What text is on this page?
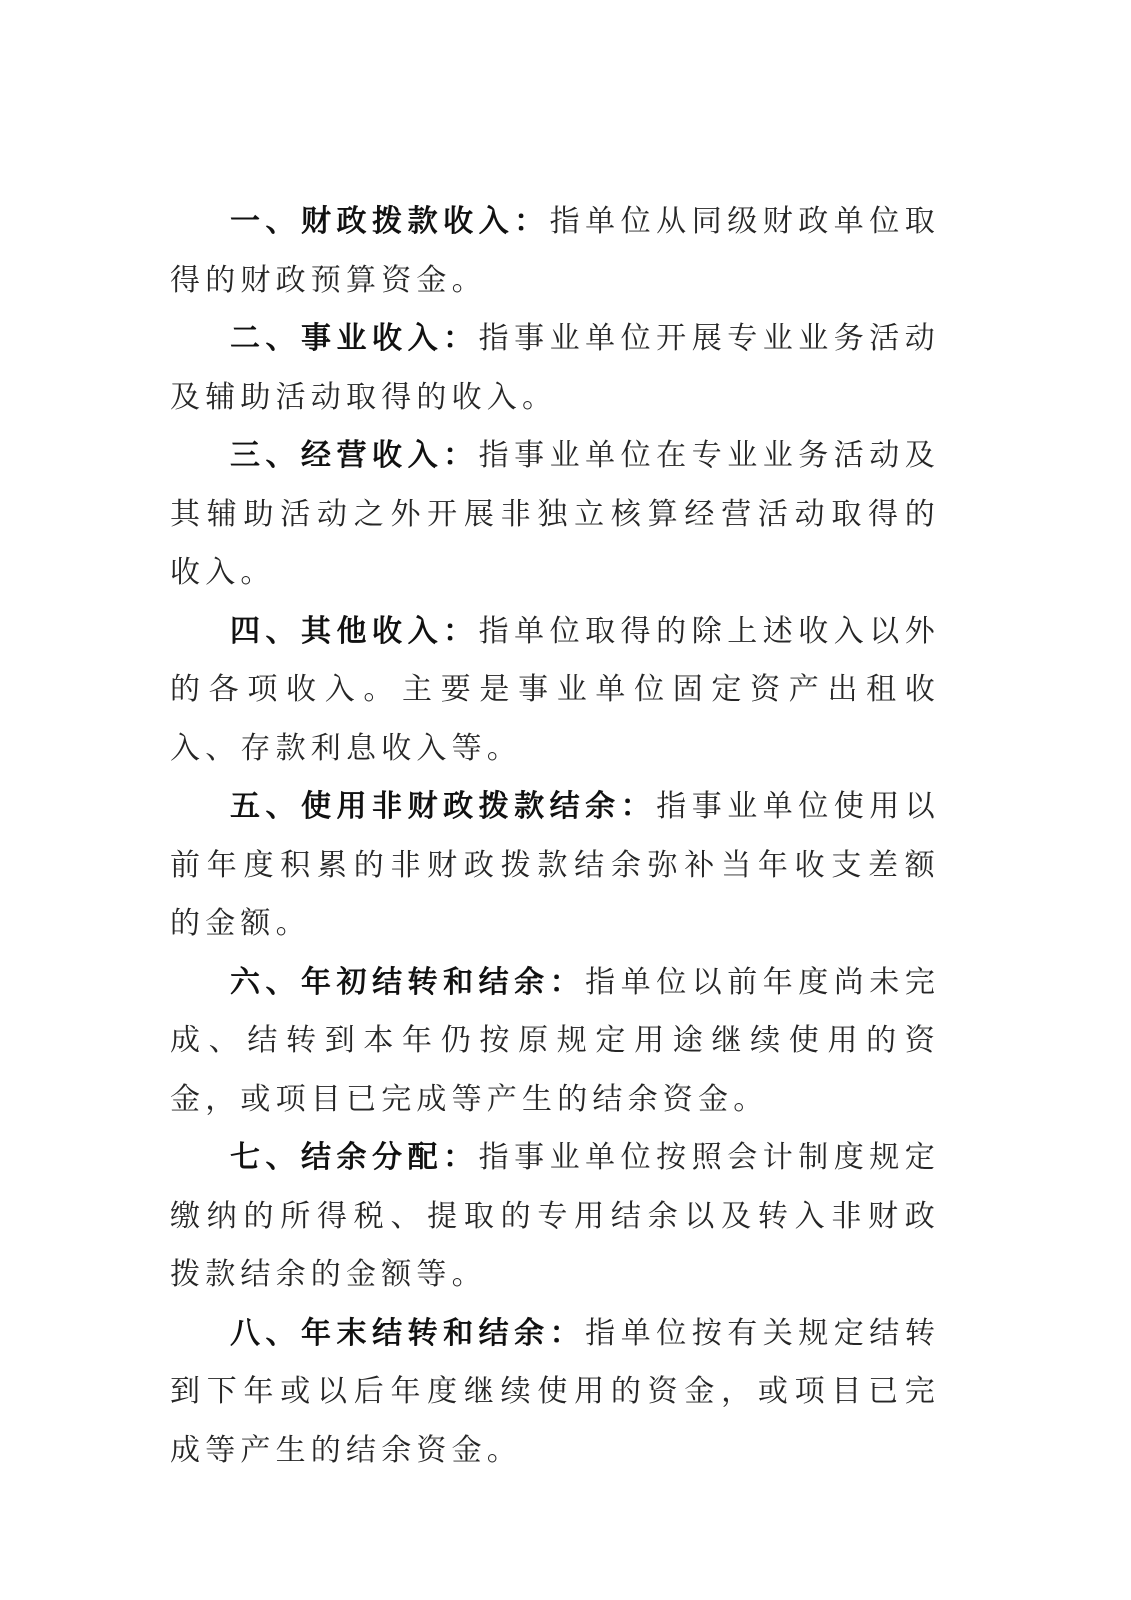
一、财政拨款收入：指单位从同级财政单位取得的财政预算资金。

二、事业收入：指事业单位开展专业业务活动及辅助活动取得的收入。

三、经营收入：指事业单位在专业业务活动及其辅助活动之外开展非独立核算经营活动取得的收入。

四、其他收入：指单位取得的除上述收入以外的各项收入。主要是事业单位固定资产出租收入、存款利息收入等。

五、使用非财政拨款结余：指事业单位使用以前年度积累的非财政拨款结余弥补当年收支差额的金额。

六、年初结转和结余：指单位以前年度尚未完成、结转到本年仍按原规定用途继续使用的资金，或项目已完成等产生的结余资金。

七、结余分配：指事业单位按照会计制度规定缴纳的所得税、提取的专用结余以及转入非财政拨款结余的金额等。

八、年末结转和结余：指单位按有关规定结转到下年或以后年度继续使用的资金，或项目已完成等产生的结余资金。
